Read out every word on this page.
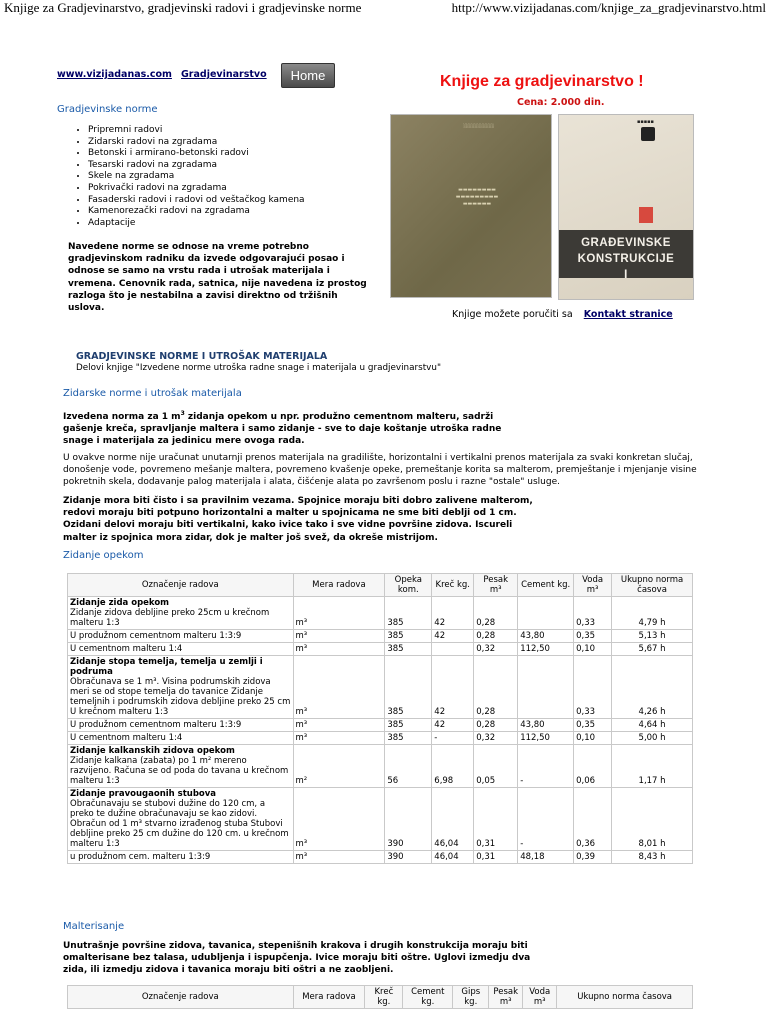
Knjige za Gradjevinarstvo, gradjevinski radovi i gradjevinske norme	http://www.vizijadanas.com/knjige_za_gradjevinarstvo.html
www.vizijadanas.com Gradjevinarstvo	Home	Knjige za gradjevinarstvo !
Cena: 2.000 din.
░░░░░░░░░░
▬▬▬▬▬▬▬▬
▬▬▬▬▬▬▬▬▬
▬▬▬▬▬▬
▪▪▪▪▪
GRAĐEVINSKE
KONSTRUKCIJE
I
Knjige možete poručiti sa Kontakt stranice
Gradjevinske norme
• Pripremni radovi
• Zidarski radovi na zgradama
• Betonski i armirano-betonski radovi
• Tesarski radovi na zgradama
• Skele na zgradama
• Pokrivački radovi na zgradama
• Fasaderski radovi i radovi od veštačkog kamena
• Kamenorezački radovi na zgradama
• Adaptacije
Navedene norme se odnose na vreme potrebno gradjevinskom radniku da izvede odgovarajući posao i odnose se samo na vrstu rada i utrošak materijala i vremena. Cenovnik rada, satnica, nije navedena iz prostog razloga što je nestabilna a zavisi direktno od tržišnih uslova.
GRADJEVINSKE NORME I UTROŠAK MATERIJALA
Delovi knjige "Izvedene norme utroška radne snage i materijala u gradjevinarstvu"
Zidarske norme i utrošak materijala
Izvedena norma za 1 $m^3$ zidanja opekom u npr. produžno cementnom malteru, sadrži gašenje kreča, spravljanje maltera i samo zidanje - sve to daje koštanje utroška radne snage i materijala za jedinicu mere ovoga rada.
U ovakve norme nije uračunat unutarnji prenos materijala na gradilište, horizontalni i vertikalni prenos materijala za svaki konkretan slučaj, donošenje vode, povremeno mešanje maltera, povremeno kvašenje opeke, premeštanje korita sa malterom, premještanje i mjenjanje visine pokretnih skela, dodavanje palog materijala i alata, čišćenje alata po završenom poslu i razne "ostale" usluge.
Zidanje mora biti čisto i sa pravilnim vezama. Spojnice moraju biti dobro zalivene malterom, redovi moraju biti potpuno horizontalni a malter u spojnicama ne sme biti deblji od 1 cm. Ozidani delovi moraju biti vertikalni, kako ivice tako i sve vidne površine zidova. Iscureli malter iz spojnica mora zidar, dok je malter još svež, da okreše mistrijom.
Zidanje opekom
Označenje radova	Mera radova	Opeka kom.	Kreč kg.	Pesak m³	Cement kg.	Voda m³	Ukupno norma časova

Zidanje zida opekom
Zidanje zidova debljine preko 25cm u krečnom malteru 1:3	m³	385	42	0,28		0,33	4,79 h

U produžnom cementnom malteru 1:3:9	m³	385	42	0,28	43,80	0,35	5,13 h

U cementnom malteru 1:4	m³	385		0,32	112,50	0,10	5,67 h

Zidanje stopa temelja, temelja u zemlji i podruma
Obračunava se 1 m³. Visina podrumskih zidova meri se od stope temelja do tavanice Zidanje temeljnih i podrumskih zidova debljine preko 25 cm U krečnom malteru 1:3	m³	385	42	0,28		0,33	4,26 h

U produžnom cementnom malteru 1:3:9	m³	385	42	0,28	43,80	0,35	4,64 h

U cementnom malteru 1:4	m³	385	-	0,32	112,50	0,10	5,00 h

Zidanje kalkanskih zidova opekom
Zidanje kalkana (zabata) po 1 m² mereno razvijeno. Računa se od poda do tavana u krečnom malteru 1:3	m²	56	6,98	0,05	-	0,06	1,17 h

Zidanje pravougaonih stubova
Obračunavaju se stubovi dužine do 120 cm, a preko te dužine obračunavaju se kao zidovi. Obračun od 1 m³ stvarno izrađenog stuba Stubovi debljine preko 25 cm dužine do 120 cm. u krečnom malteru 1:3	m³	390	46,04	0,31	-	0,36	8,01 h

u produžnom cem. malteru 1:3:9	m³	390	46,04	0,31	48,18	0,39	8,43 h
Malterisanje
Unutrašnje površine zidova, tavanica, stepenišnih krakova i drugih konstrukcija moraju biti omalterisane bez talasa, udubljenja i ispupčenja. Ivice moraju biti oštre. Uglovi izmedju dva zida, ili izmedju zidova i tavanica moraju biti oštri a ne zaobljeni.
Označenje radova	Mera radova	Kreč kg.	Cement kg.	Gips kg.	Pesak m³	Voda m³	Ukupno norma časova
